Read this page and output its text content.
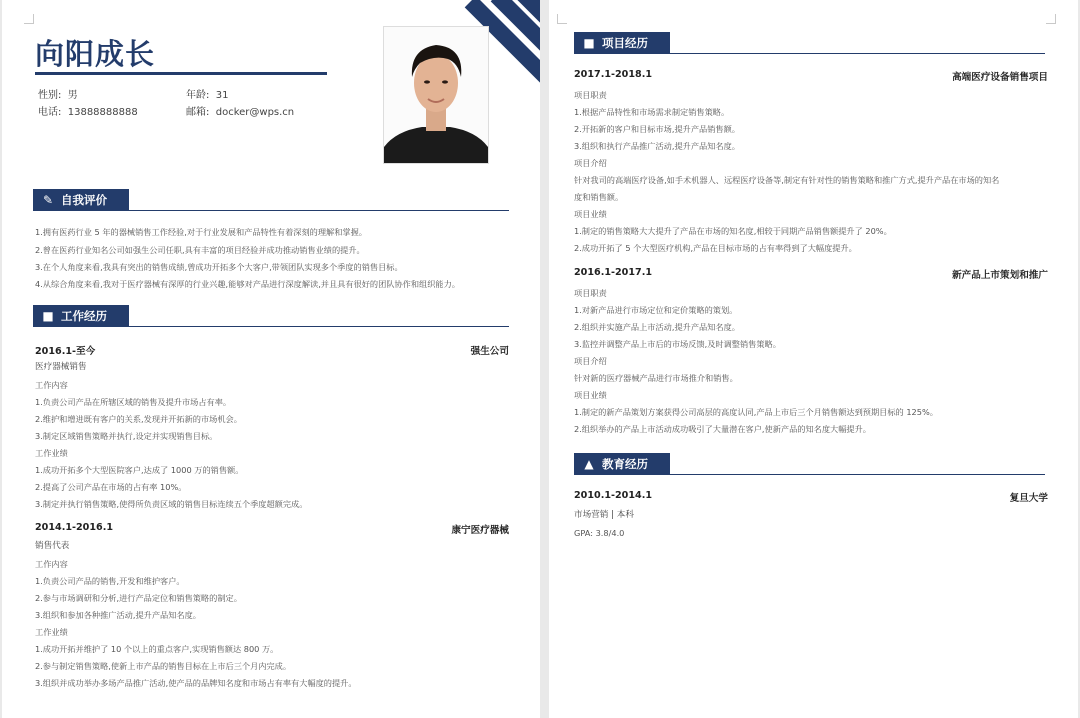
向阳成长
性别: 男	年龄: 31
电话: 13888888888	邮箱: docker@wps.cn
自我评价
✎
1.拥有医药行业 5 年的器械销售工作经验,对于行业发展和产品特性有着深刻的理解和掌握。
2.曾在医药行业知名公司如强生公司任职,具有丰富的项目经验并成功推动销售业绩的提升。
3.在个人角度来看,我具有突出的销售成绩,曾成功开拓多个大客户,带领团队实现多个季度的销售目标。
4.从综合角度来看,我对于医疗器械有深厚的行业兴趣,能够对产品进行深度解读,并且具有很好的团队协作和组织能力。
工作经历
■
2016.1-至今	强生公司
医疗器械销售
工作内容
1.负责公司产品在所辖区域的销售及提升市场占有率。
2.维护和增进既有客户的关系,发现并开拓新的市场机会。
3.制定区域销售策略并执行,设定并实现销售目标。
工作业绩
1.成功开拓多个大型医院客户,达成了 1000 万的销售额。
2.提高了公司产品在市场的占有率 10%。
3.制定并执行销售策略,使得所负责区域的销售目标连续五个季度超额完成。
2014.1-2016.1	康宁医疗器械
销售代表
工作内容
1.负责公司产品的销售,开发和维护客户。
2.参与市场调研和分析,进行产品定位和销售策略的制定。
3.组织和参加各种推广活动,提升产品知名度。
工作业绩
1.成功开拓并维护了 10 个以上的重点客户,实现销售额达 800 万。
2.参与制定销售策略,使新上市产品的销售目标在上市后三个月内完成。
3.组织并成功举办多场产品推广活动,使产品的品牌知名度和市场占有率有大幅度的提升。
项目经历
■
2017.1-2018.1	高端医疗设备销售项目
项目职责
1.根据产品特性和市场需求制定销售策略。
2.开拓新的客户和目标市场,提升产品销售额。
3.组织和执行产品推广活动,提升产品知名度。
项目介绍
针对我司的高端医疗设备,如手术机器人、远程医疗设备等,制定有针对性的销售策略和推广方式,提升产品在市场的知名
度和销售额。
项目业绩
1.制定的销售策略大大提升了产品在市场的知名度,相较于同期产品销售额提升了 20%。
2.成功开拓了 5 个大型医疗机构,产品在目标市场的占有率得到了大幅度提升。
2016.1-2017.1	新产品上市策划和推广
项目职责
1.对新产品进行市场定位和定价策略的策划。
2.组织并实施产品上市活动,提升产品知名度。
3.监控并调整产品上市后的市场反馈,及时调整销售策略。
项目介绍
针对新的医疗器械产品进行市场推介和销售。
项目业绩
1.制定的新产品策划方案获得公司高层的高度认同,产品上市后三个月销售额达到预期目标的 125%。
2.组织举办的产品上市活动成功吸引了大量潜在客户,使新产品的知名度大幅提升。
教育经历
▲
2010.1-2014.1	复旦大学
市场营销 | 本科
GPA: 3.8/4.0
